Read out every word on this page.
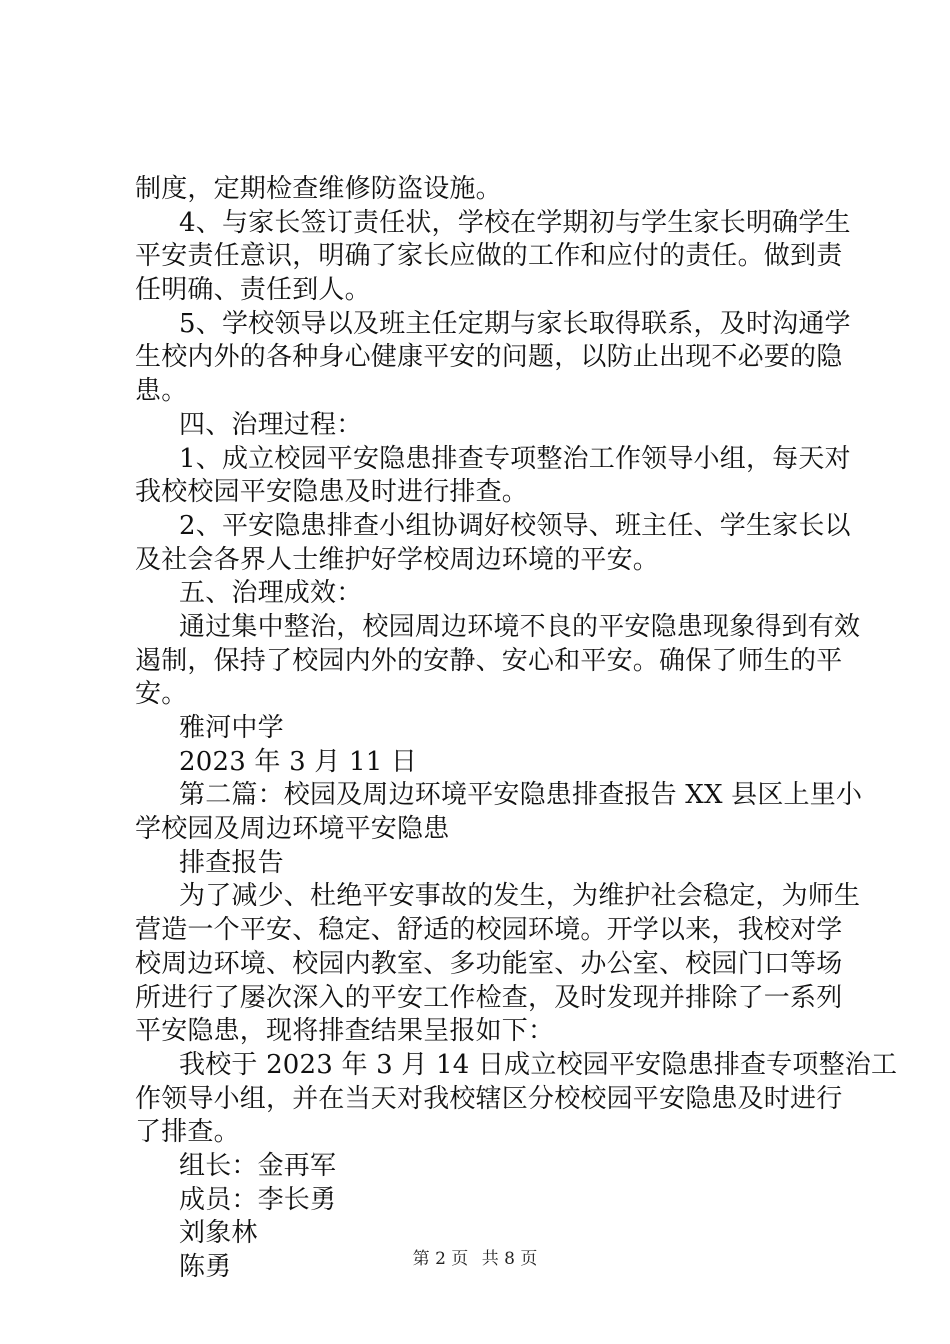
制度，定期检查维修防盗设施。
4、与家长签订责任状，学校在学期初与学生家长明确学生
平安责任意识，明确了家长应做的工作和应付的责任。做到责
任明确、责任到人。
5、学校领导以及班主任定期与家长取得联系，及时沟通学
生校内外的各种身心健康平安的问题，以防止出现不必要的隐
患。
四、治理过程：
1、成立校园平安隐患排查专项整治工作领导小组，每天对
我校校园平安隐患及时进行排查。
2、平安隐患排查小组协调好校领导、班主任、学生家长以
及社会各界人士维护好学校周边环境的平安。
五、治理成效：
通过集中整治，校园周边环境不良的平安隐患现象得到有效
遏制，保持了校园内外的安静、安心和平安。确保了师生的平
安。
雅河中学
2023 年 3 月 11 日
第二篇：校园及周边环境平安隐患排查报告 XX 县区上里小
学校园及周边环境平安隐患
排查报告
为了减少、杜绝平安事故的发生，为维护社会稳定，为师生
营造一个平安、稳定、舒适的校园环境。开学以来，我校对学
校周边环境、校园内教室、多功能室、办公室、校园门口等场
所进行了屡次深入的平安工作检查，及时发现并排除了一系列
平安隐患，现将排查结果呈报如下：
我校于 2023 年 3 月 14 日成立校园平安隐患排查专项整治工
作领导小组，并在当天对我校辖区分校校园平安隐患及时进行
了排查。
组长：金再军
成员：李长勇
刘象林
陈勇	第 2 页 共 8 页
